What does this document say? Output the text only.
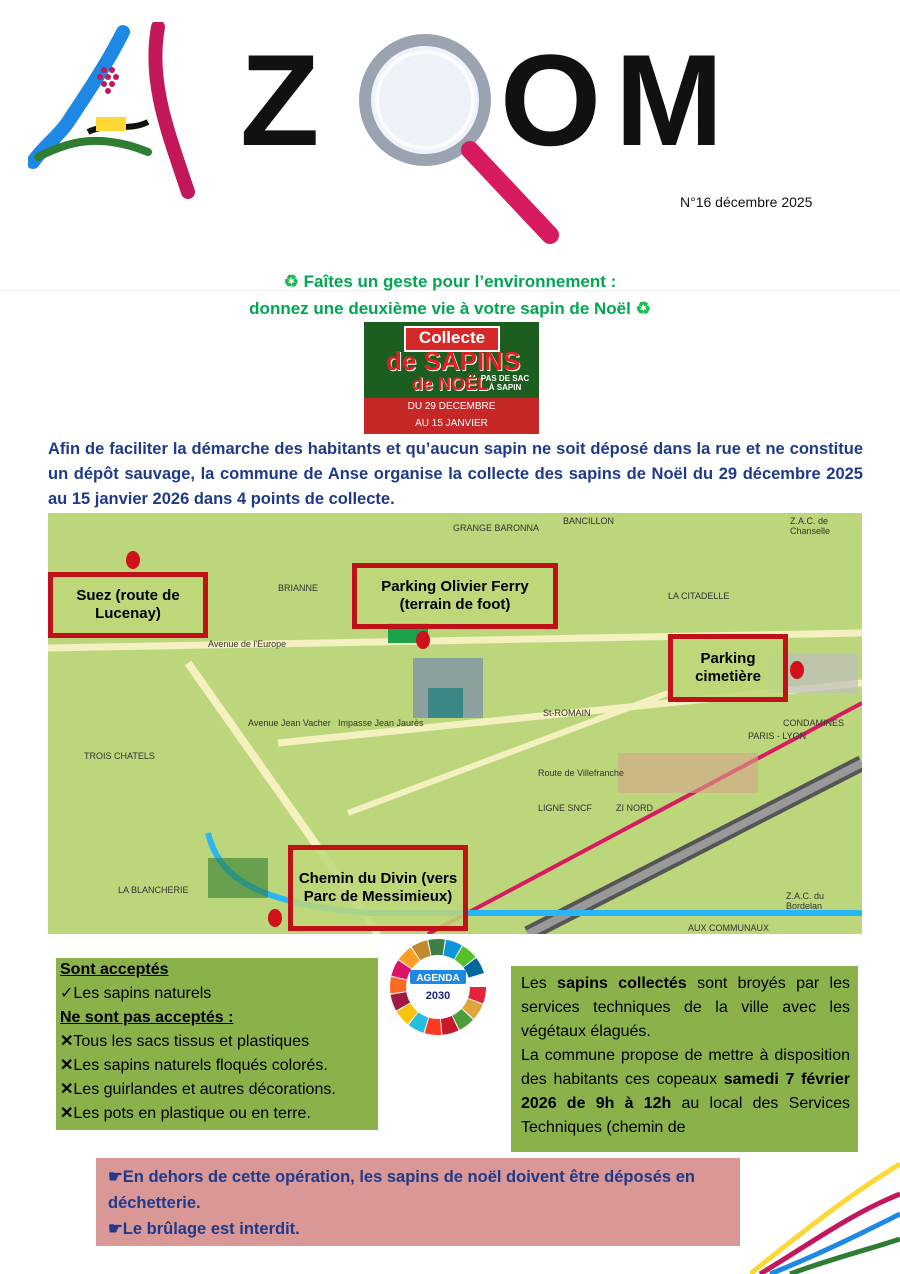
Z O M
N°16 décembre 2025
♻ Faîtes un geste pour l’environnement :
donnez une deuxième vie à votre sapin de Noël ♻
Collecte
de SAPINS
de NOËL
PAS DE SAC À SAPIN
DU 29 DECEMBRE
AU 15 JANVIER
Afin de faciliter la démarche des habitants et qu’aucun sapin ne soit déposé dans la rue et ne constitue un dépôt sauvage, la commune de Anse organise la collecte des sapins de Noël du 29 décembre 2025 au 15 janvier 2026 dans 4 points de collecte.
GRANGE BARONNA
BANCILLON	Z.A.C. de Chanselle
LA CITADELLE
BRIANNE
TROIS CHATELS
LA BLANCHERIE
Z.A.C. du Bordelan
AUX COMMUNAUX
CONDAMINES
PARIS - LYON
Avenue de l'Europe
Route de Villefranche
ZI NORD
St-ROMAIN
LIGNE SNCF
Avenue Jean Vacher Impasse Jean Jaurès
Suez (route de Lucenay)
Parking Olivier Ferry (terrain de foot)
Parking cimetière
Chemin du Divin (vers Parc de Messimieux)
AGENDA
2030
Sont acceptés
✓Les sapins naturels
Ne sont pas acceptés :
✕Tous les sacs tissus et plastiques
✕Les sapins naturels floqués colorés.
✕Les guirlandes et autres décorations.
✕Les pots en plastique ou en terre.
Les sapins collectés sont broyés par les services techniques de la ville avec les végétaux élagués.
La commune propose de mettre à disposition des habitants ces copeaux samedi 7 février 2026 de 9h à 12h au local des Services Techniques (chemin de
☛En dehors de cette opération, les sapins de noël doivent être déposés en déchetterie.
☛Le brûlage est interdit.
